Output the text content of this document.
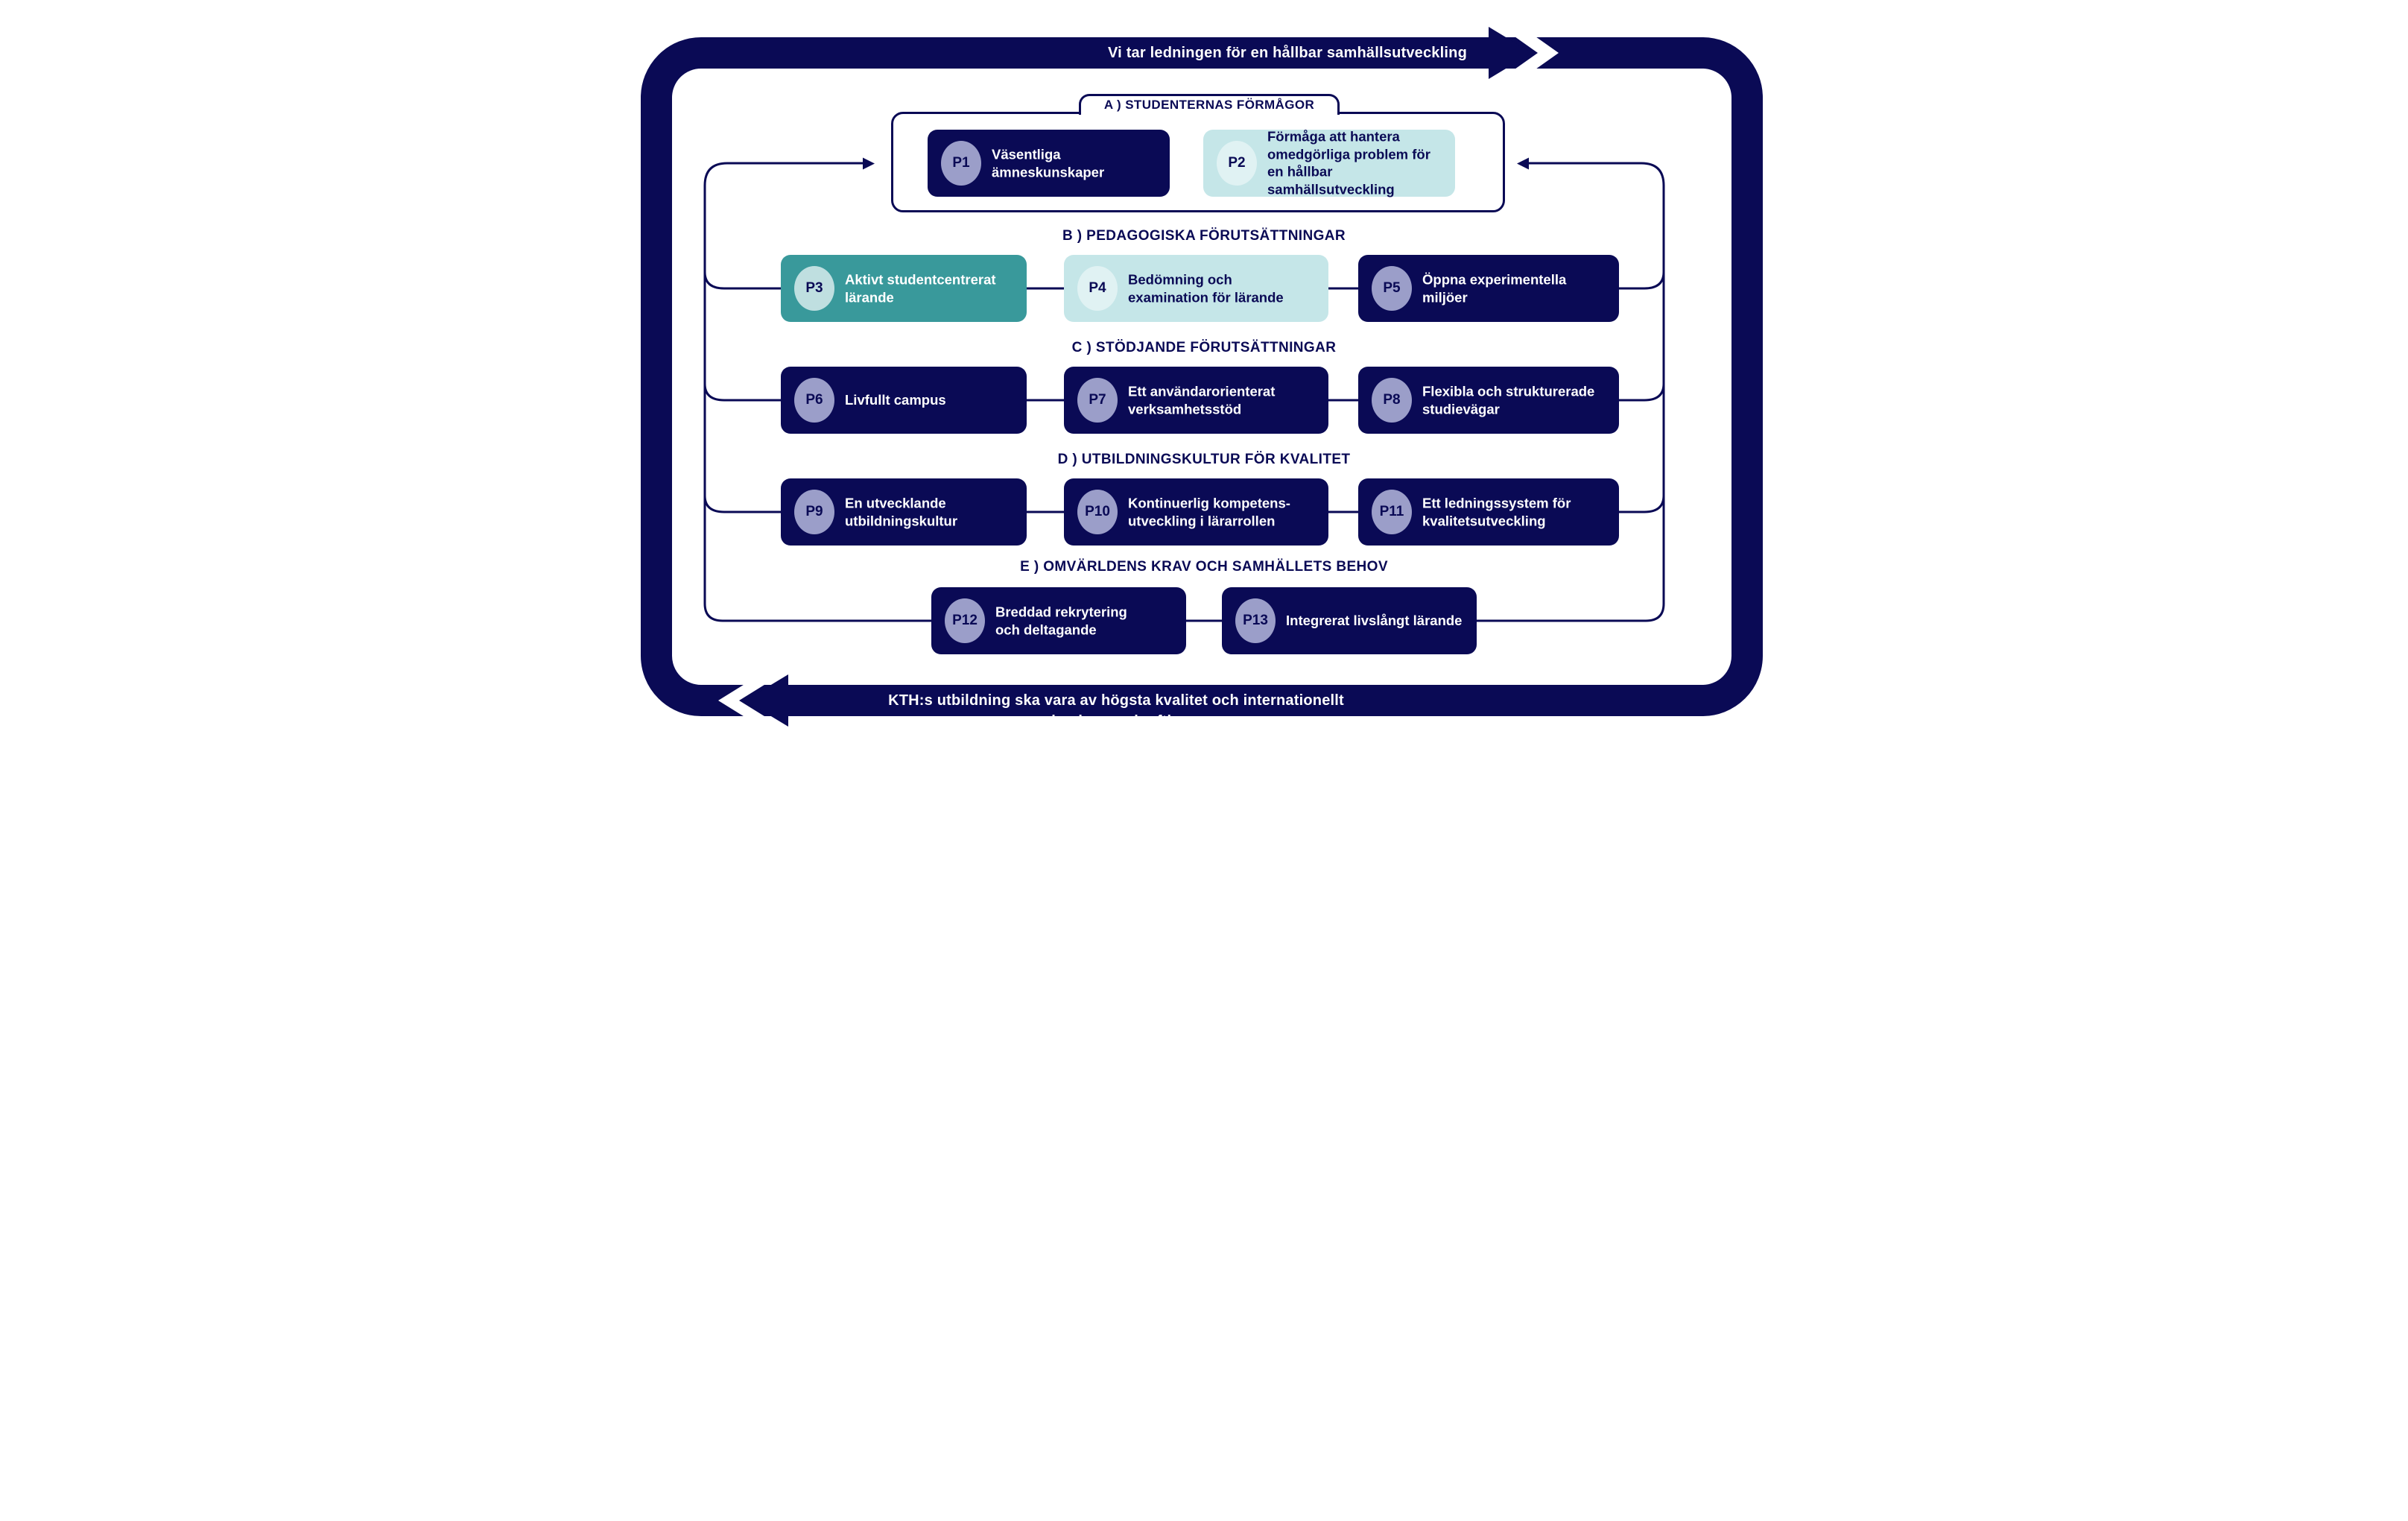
Vi tar ledningen för en hållbar samhällsutveckling
KTH:s utbildning ska vara av högsta kvalitet och internationellt konkurrenskraftig
A ) STUDENTERNAS FÖRMÅGOR
B ) PEDAGOGISKA FÖRUTSÄTTNINGAR
C ) STÖDJANDE FÖRUTSÄTTNINGAR
D ) UTBILDNINGSKULTUR FÖR KVALITET
E ) OMVÄRLDENS KRAV OCH SAMHÄLLETS BEHOV
P1
Väsentliga ämneskunskaper
P2
Förmåga att hantera omedgörliga problem för en hållbar samhällsutveckling
P3
Aktivt studentcentrerat lärande
P4
Bedömning och examination för lärande
P5
Öppna experimentella miljöer
P6	Livfullt campus	P7
Ett användarorienterat verksamhetsstöd
P8
Flexibla och strukturerade studievägar
P9
En utvecklande utbildningskultur
P10
Kontinuerlig kompetens-utveckling i lärarrollen
P11
Ett ledningssystem för kvalitetsutveckling
P12
Breddad rekrytering och deltagande
P13	Integrerat livslångt lärande
